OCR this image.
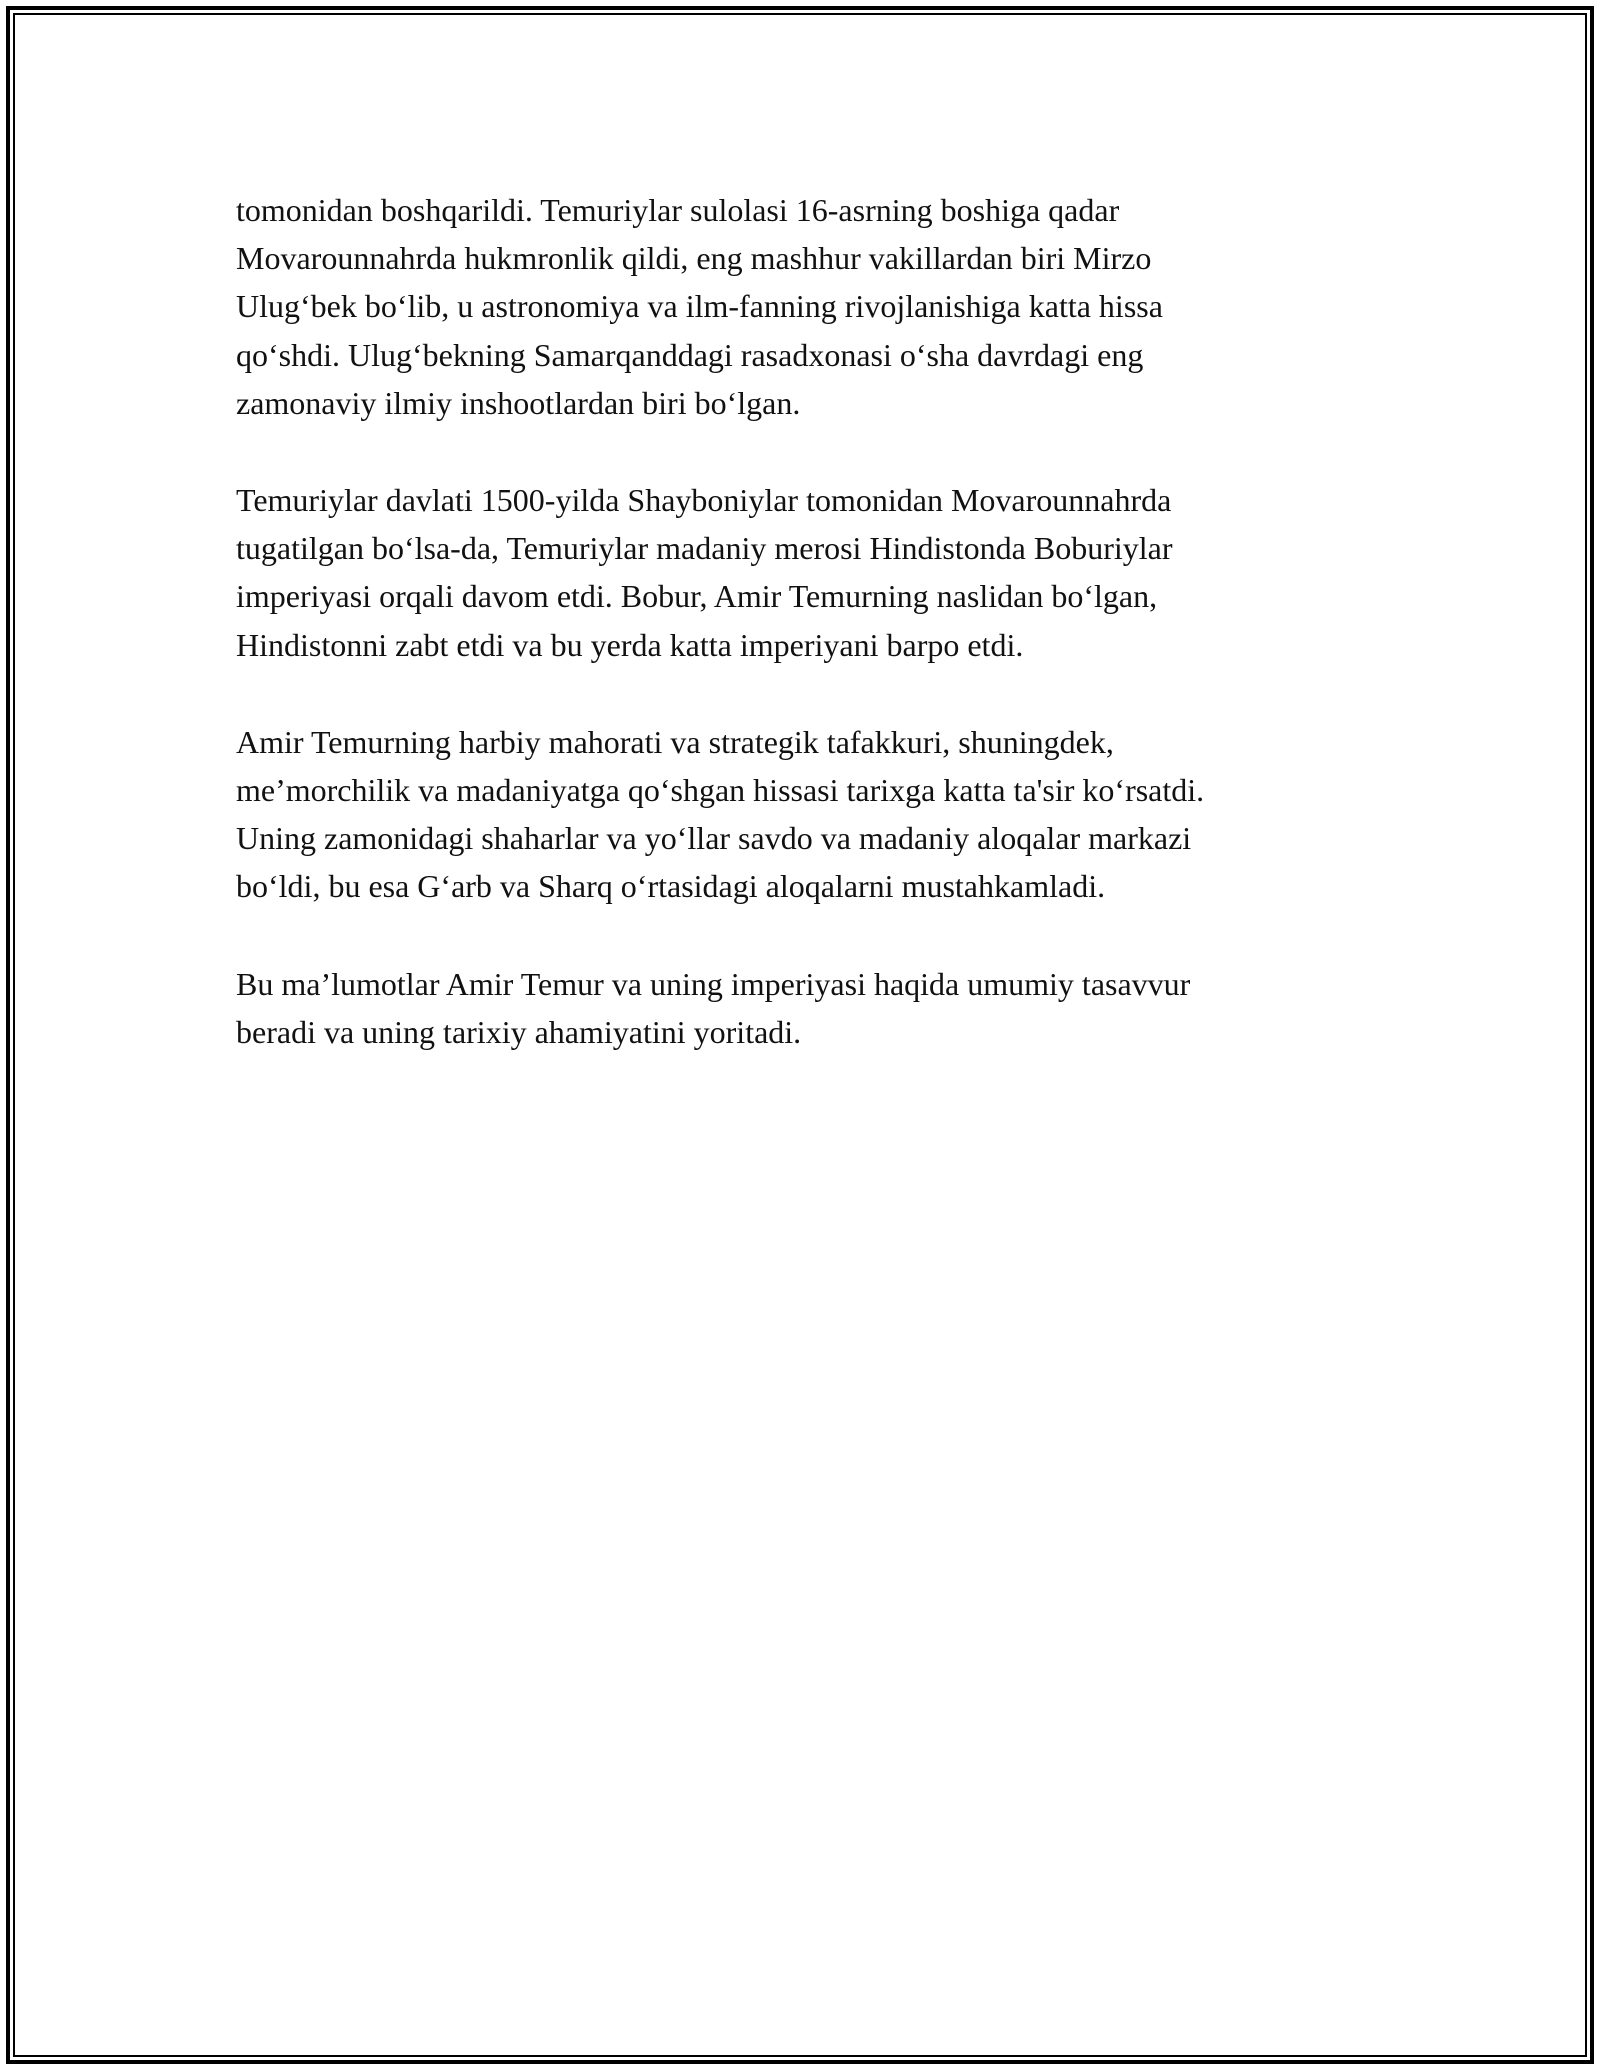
tomonidan boshqarildi. Temuriylar sulolasi 16-asrning boshiga qadar
Movarounnahrda hukmronlik qildi, eng mashhur vakillardan biri Mirzo
Ulug‘bek bo‘lib, u astronomiya va ilm-fanning rivojlanishiga katta hissa
qo‘shdi. Ulug‘bekning Samarqanddagi rasadxonasi o‘sha davrdagi eng
zamonaviy ilmiy inshootlardan biri bo‘lgan.

Temuriylar davlati 1500-yilda Shayboniylar tomonidan Movarounnahrda
tugatilgan bo‘lsa-da, Temuriylar madaniy merosi Hindistonda Boburiylar
imperiyasi orqali davom etdi. Bobur, Amir Temurning naslidan bo‘lgan,
Hindistonni zabt etdi va bu yerda katta imperiyani barpo etdi.

Amir Temurning harbiy mahorati va strategik tafakkuri, shuningdek,
me’morchilik va madaniyatga qo‘shgan hissasi tarixga katta ta'sir ko‘rsatdi.
Uning zamonidagi shaharlar va yo‘llar savdo va madaniy aloqalar markazi
bo‘ldi, bu esa G‘arb va Sharq o‘rtasidagi aloqalarni mustahkamladi.

Bu ma’lumotlar Amir Temur va uning imperiyasi haqida umumiy tasavvur
beradi va uning tarixiy ahamiyatini yoritadi.
